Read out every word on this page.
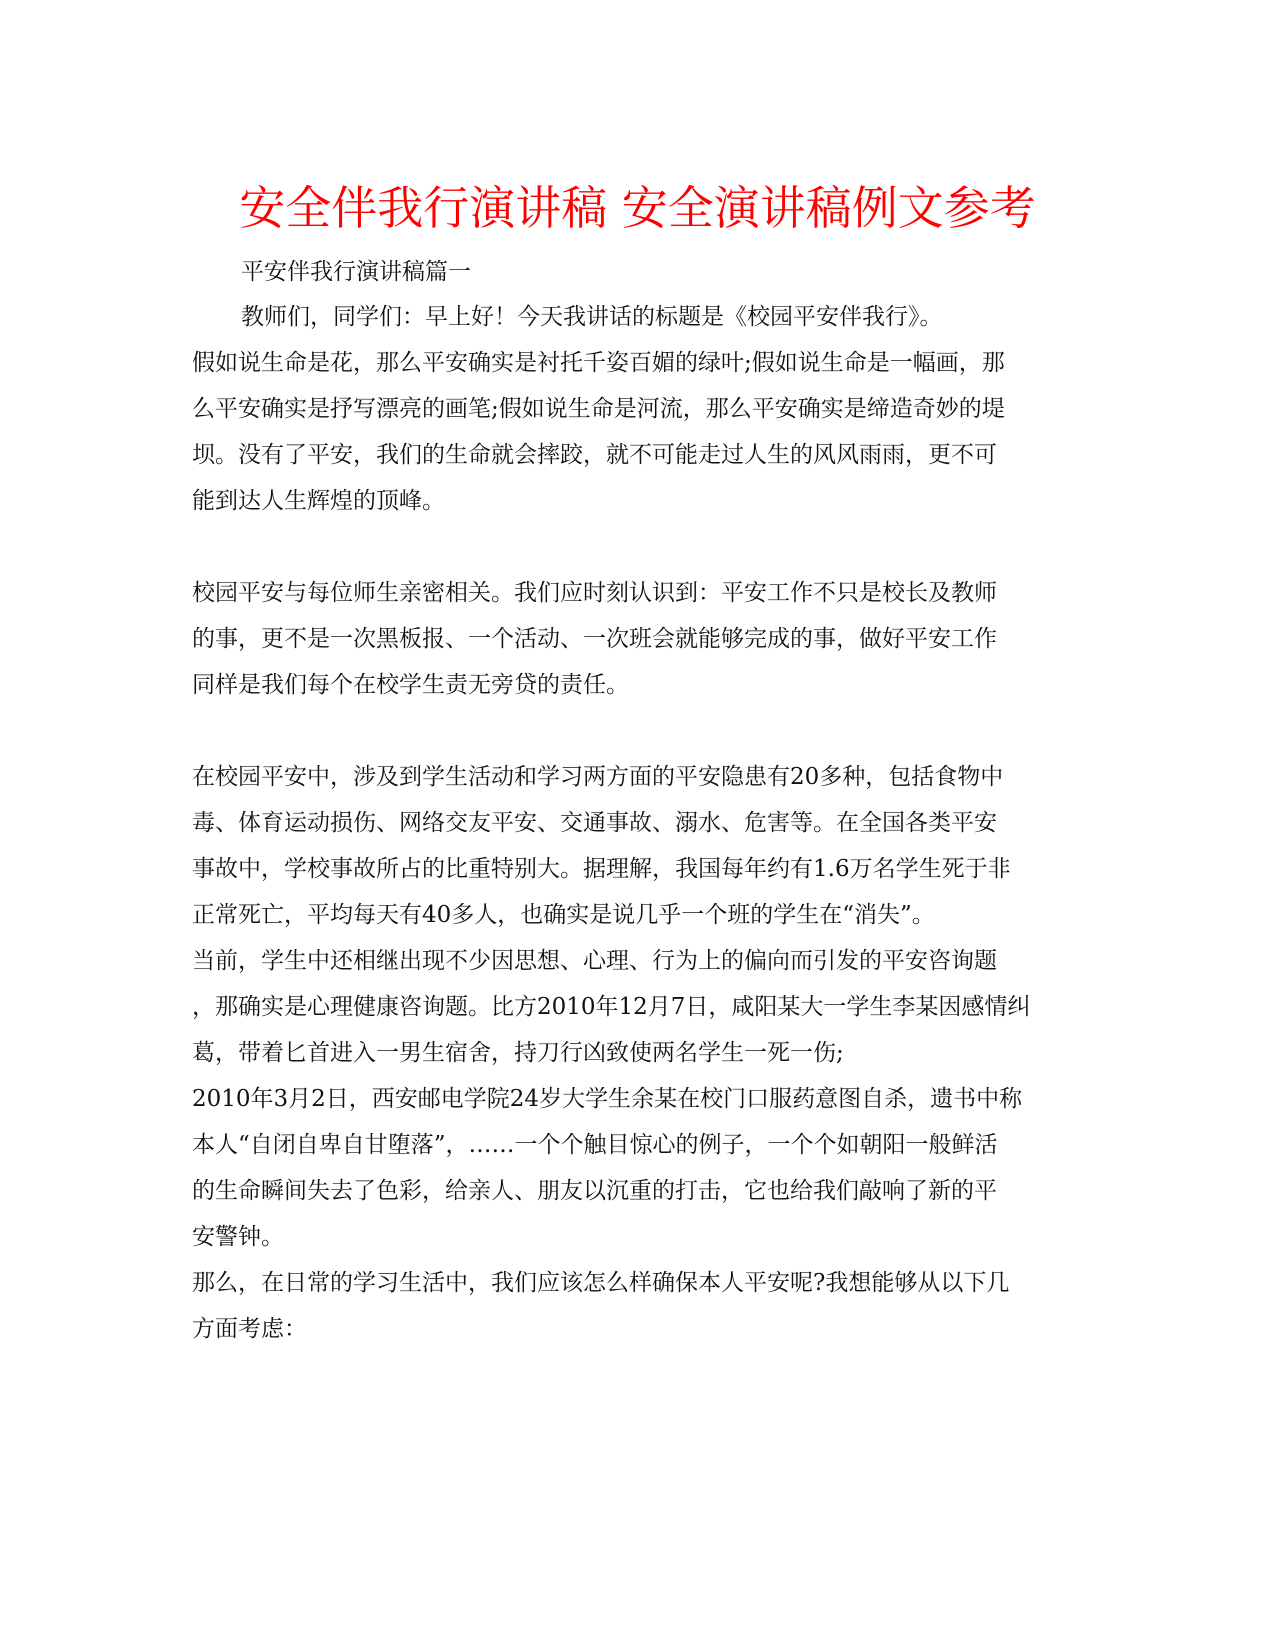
安全伴我行演讲稿 安全演讲稿例文参考
平安伴我行演讲稿篇一
教师们，同学们：早上好！今天我讲话的标题是《校园平安伴我行》。
假如说生命是花，那么平安确实是衬托千姿百媚的绿叶;假如说生命是一幅画，那
么平安确实是抒写漂亮的画笔;假如说生命是河流，那么平安确实是缔造奇妙的堤
坝。没有了平安，我们的生命就会摔跤，就不可能走过人生的风风雨雨，更不可
能到达人生辉煌的顶峰。
校园平安与每位师生亲密相关。我们应时刻认识到：平安工作不只是校长及教师
的事，更不是一次黑板报、一个活动、一次班会就能够完成的事，做好平安工作
同样是我们每个在校学生责无旁贷的责任。
在校园平安中，涉及到学生活动和学习两方面的平安隐患有20多种，包括食物中
毒、体育运动损伤、网络交友平安、交通事故、溺水、危害等。在全国各类平安
事故中，学校事故所占的比重特别大。据理解，我国每年约有1.6万名学生死于非
正常死亡，平均每天有40多人，也确实是说几乎一个班的学生在“消失”。
当前，学生中还相继出现不少因思想、心理、行为上的偏向而引发的平安咨询题
，那确实是心理健康咨询题。比方2010年12月7日，咸阳某大一学生李某因感情纠
葛，带着匕首进入一男生宿舍，持刀行凶致使两名学生一死一伤;
2010年3月2日，西安邮电学院24岁大学生余某在校门口服药意图自杀，遗书中称
本人“自闭自卑自甘堕落”，……一个个触目惊心的例子，一个个如朝阳一般鲜活
的生命瞬间失去了色彩，给亲人、朋友以沉重的打击，它也给我们敲响了新的平
安警钟。
那么，在日常的学习生活中，我们应该怎么样确保本人平安呢?我想能够从以下几
方面考虑：
